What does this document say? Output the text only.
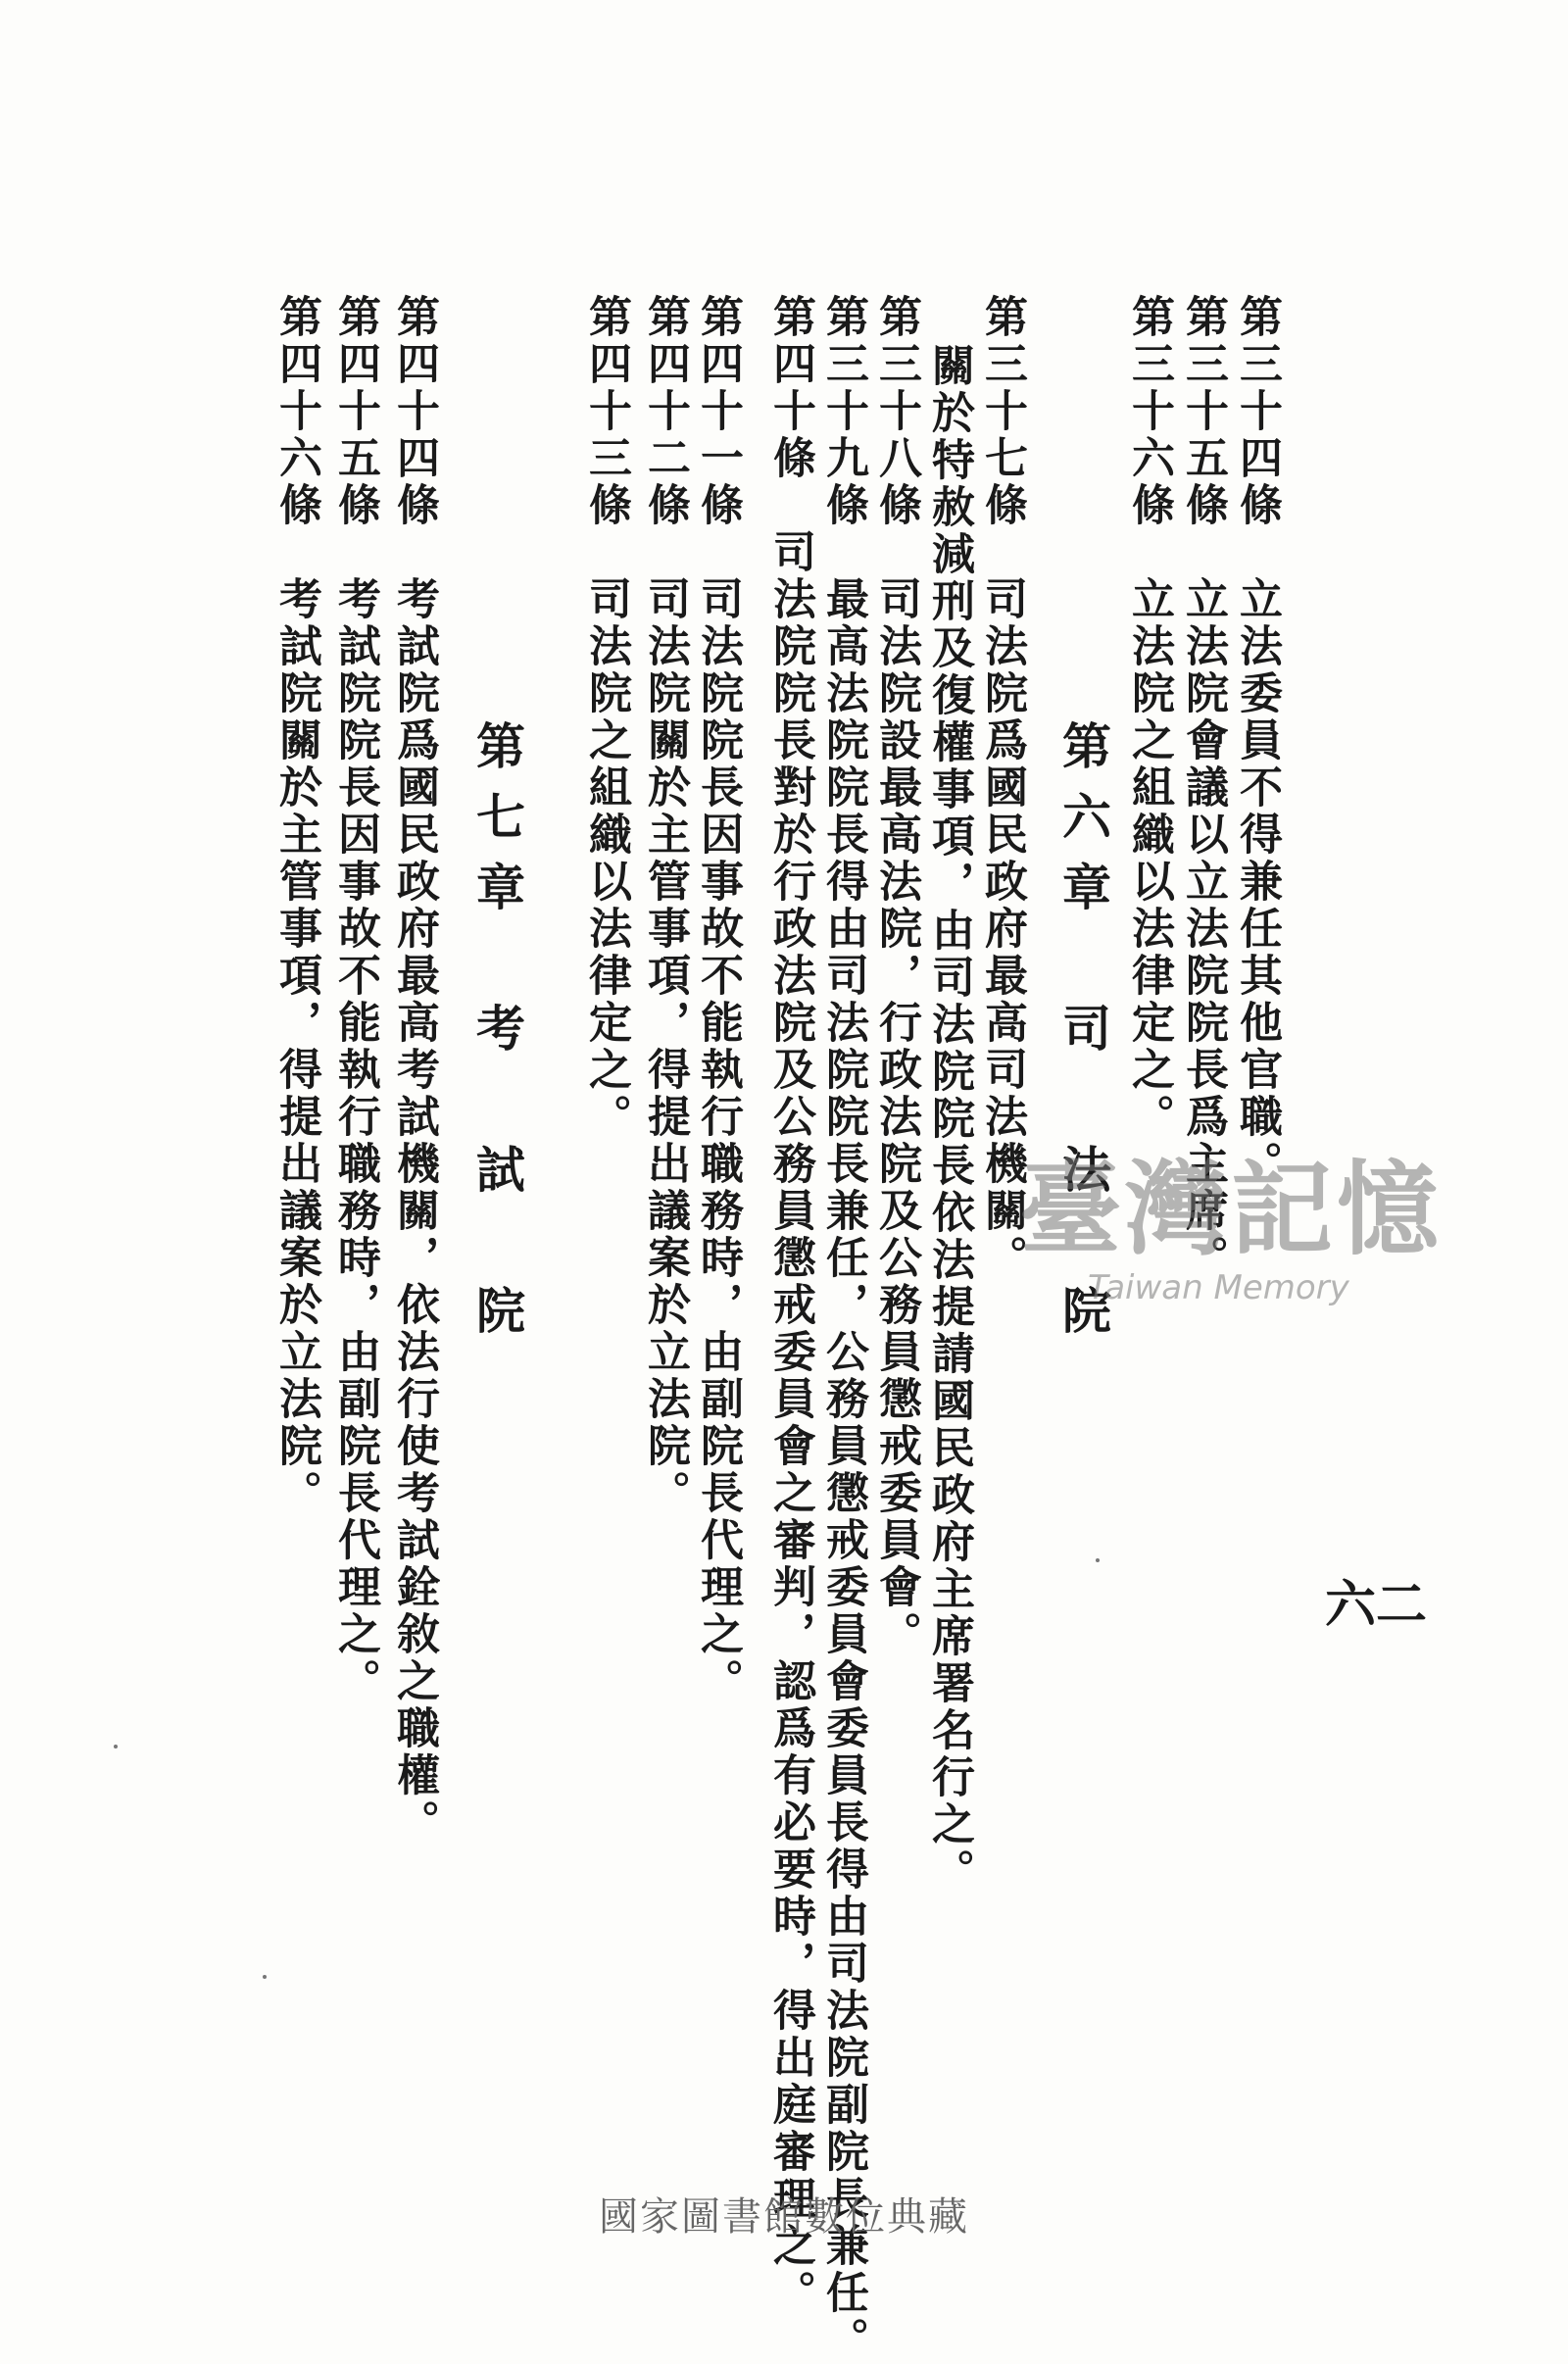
六二
第三十四條　立法委員不得兼任其他官職。
第三十五條　立法院會議以立法院院長爲主席。
第三十六條　立法院之組織以法律定之。
第六章　司　法　院
第三十七條　司法院爲國民政府最高司法機關。
關於特赦減刑及復權事項，由司法院院長依法提請國民政府主席署名行之。
第三十八條　司法院設最高法院，行政法院及公務員懲戒委員會。
第三十九條　最高法院院長得由司法院院長兼任，公務員懲戒委員會委員長得由司法院副院長兼任。
第四十條　司法院院長對於行政法院及公務員懲戒委員會之審判，認爲有必要時，得出庭審理之。
第四十一條　司法院院長因事故不能執行職務時，由副院長代理之。
第四十二條　司法院關於主管事項，得提出議案於立法院。
第四十三條　司法院之組織以法律定之。
第七章　考　試　院
第四十四條　考試院爲國民政府最高考試機關，依法行使考試銓敘之職權。
第四十五條　考試院院長因事故不能執行職務時，由副院長代理之。
第四十六條　考試院關於主管事項，得提出議案於立法院。	臺灣記憶
Taiwan Memory
國家圖書館數位典藏
